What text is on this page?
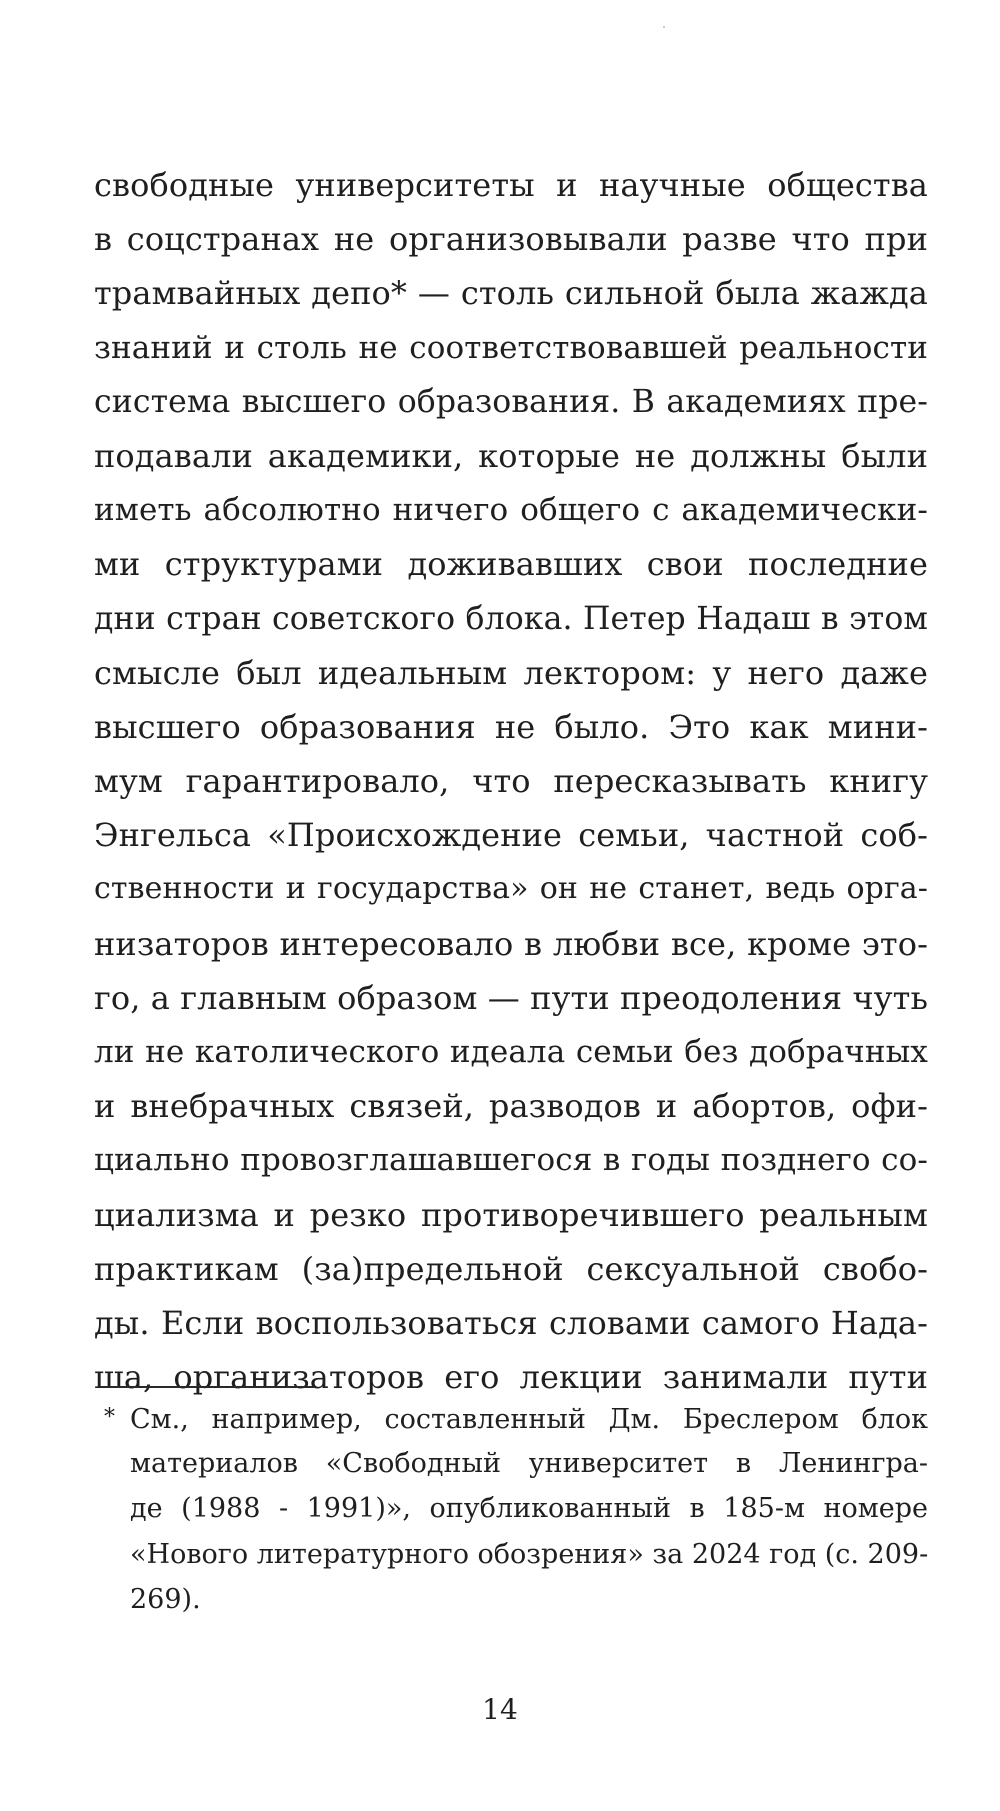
свободные университеты и научные общества
в соцстранах не организовывали разве что при
трамвайных депо* — столь сильной была жажда
знаний и столь не соответствовавшей реальности
система высшего образования. В академиях пре-
подавали академики, которые не должны были
иметь абсолютно ничего общего с академически-
ми структурами доживавших свои последние
дни стран советского блока. Петер Надаш в этом
смысле был идеальным лектором: у него даже
высшего образования не было. Это как мини-
мум гарантировало, что пересказывать книгу
Энгельса «Происхождение семьи, частной соб-
ственности и государства» он не станет, ведь орга-
низаторов интересовало в любви все, кроме это-
го, а главным образом — пути преодоления чуть
ли не католического идеала семьи без добрачных
и внебрачных связей, разводов и абортов, офи-
циально провозглашавшегося в годы позднего со-
циализма и резко противоречившего реальным
практикам (за)предельной сексуальной свобо-
ды. Если воспользоваться словами самого Нада-
ша, организаторов его лекции занимали пути
* См., например, составленный Дм. Бреслером блок
материалов «Свободный университет в Ленингра-
де (1988 - 1991)», опубликованный в 185-м номере
«Нового литературного обозрения» за 2024 год (с. 209-
269).
14
